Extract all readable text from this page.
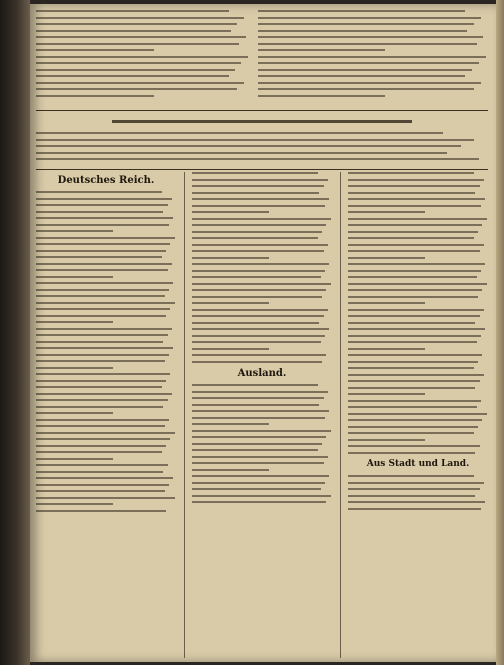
Deutsches Reich.
Ausland.
Aus Stadt und Land.
